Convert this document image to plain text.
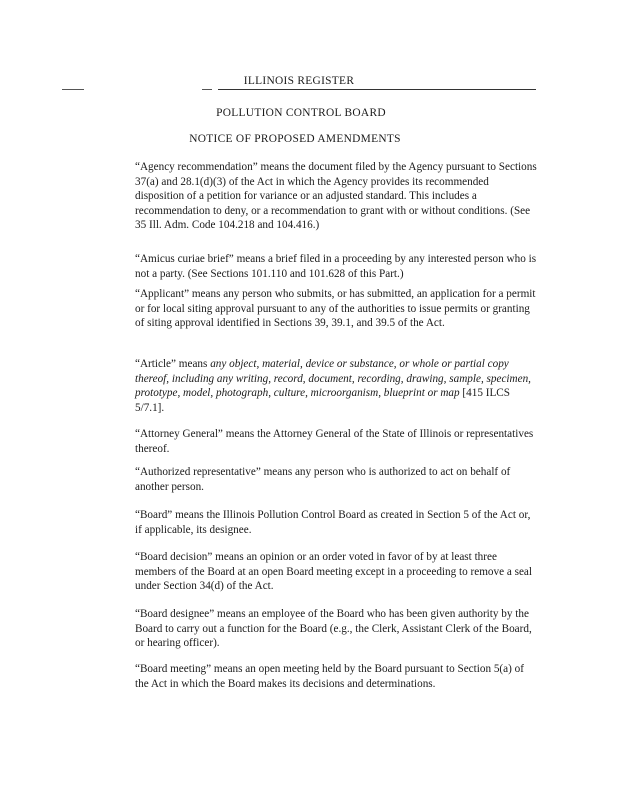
ILLINOIS REGISTER
POLLUTION CONTROL BOARD
NOTICE OF PROPOSED AMENDMENTS

“Agency recommendation” means the document filed by the Agency pursuant to Sections 37(a) and 28.1(d)(3) of the Act in which the Agency provides its recommended disposition of a petition for variance or an adjusted standard. This includes a recommendation to deny, or a recommendation to grant with or without conditions. (See 35 Ill. Adm. Code 104.218 and 104.416.)

“Amicus curiae brief” means a brief filed in a proceeding by any interested person who is not a party. (See Sections 101.110 and 101.628 of this Part.)

“Applicant” means any person who submits, or has submitted, an application for a permit or for local siting approval pursuant to any of the authorities to issue permits or granting of siting approval identified in Sections 39, 39.1, and 39.5 of the Act.

“Article” means any object, material, device or substance, or whole or partial copy thereof, including any writing, record, document, recording, drawing, sample, specimen, prototype, model, photograph, culture, microorganism, blueprint or map [415 ILCS 5/7.1].

“Attorney General” means the Attorney General of the State of Illinois or representatives thereof.

“Authorized representative” means any person who is authorized to act on behalf of another person.

“Board” means the Illinois Pollution Control Board as created in Section 5 of the Act or, if applicable, its designee.

“Board decision” means an opinion or an order voted in favor of by at least three members of the Board at an open Board meeting except in a proceeding to remove a seal under Section 34(d) of the Act.

“Board designee” means an employee of the Board who has been given authority by the Board to carry out a function for the Board (e.g., the Clerk, Assistant Clerk of the Board, or hearing officer).

“Board meeting” means an open meeting held by the Board pursuant to Section 5(a) of the Act in which the Board makes its decisions and determinations.
